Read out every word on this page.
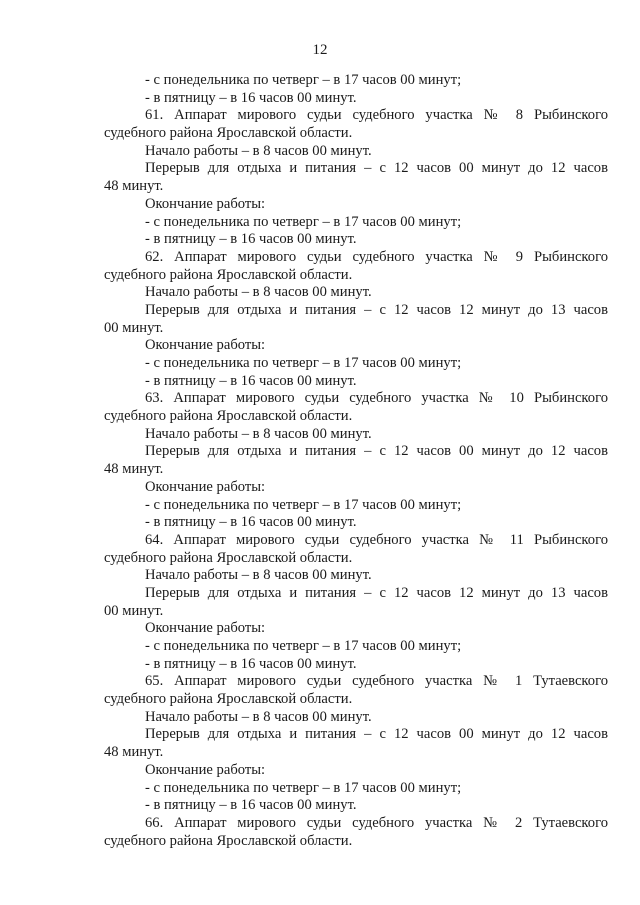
12
- с понедельника по четверг – в 17 часов 00 минут;
- в пятницу – в 16 часов 00 минут.
61. Аппарат мирового судьи судебного участка № 8 Рыбинского
судебного района Ярославской области.
Начало работы – в 8 часов 00 минут.
Перерыв для отдыха и питания – с 12 часов 00 минут до 12 часов
48 минут.
Окончание работы:
- с понедельника по четверг – в 17 часов 00 минут;
- в пятницу – в 16 часов 00 минут.
62. Аппарат мирового судьи судебного участка № 9 Рыбинского
судебного района Ярославской области.
Начало работы – в 8 часов 00 минут.
Перерыв для отдыха и питания – с 12 часов 12 минут до 13 часов
00 минут.
Окончание работы:
- с понедельника по четверг – в 17 часов 00 минут;
- в пятницу – в 16 часов 00 минут.
63. Аппарат мирового судьи судебного участка № 10 Рыбинского
судебного района Ярославской области.
Начало работы – в 8 часов 00 минут.
Перерыв для отдыха и питания – с 12 часов 00 минут до 12 часов
48 минут.
Окончание работы:
- с понедельника по четверг – в 17 часов 00 минут;
- в пятницу – в 16 часов 00 минут.
64. Аппарат мирового судьи судебного участка № 11 Рыбинского
судебного района Ярославской области.
Начало работы – в 8 часов 00 минут.
Перерыв для отдыха и питания – с 12 часов 12 минут до 13 часов
00 минут.
Окончание работы:
- с понедельника по четверг – в 17 часов 00 минут;
- в пятницу – в 16 часов 00 минут.
65. Аппарат мирового судьи судебного участка № 1 Тутаевского
судебного района Ярославской области.
Начало работы – в 8 часов 00 минут.
Перерыв для отдыха и питания – с 12 часов 00 минут до 12 часов
48 минут.
Окончание работы:
- с понедельника по четверг – в 17 часов 00 минут;
- в пятницу – в 16 часов 00 минут.
66. Аппарат мирового судьи судебного участка № 2 Тутаевского
судебного района Ярославской области.
